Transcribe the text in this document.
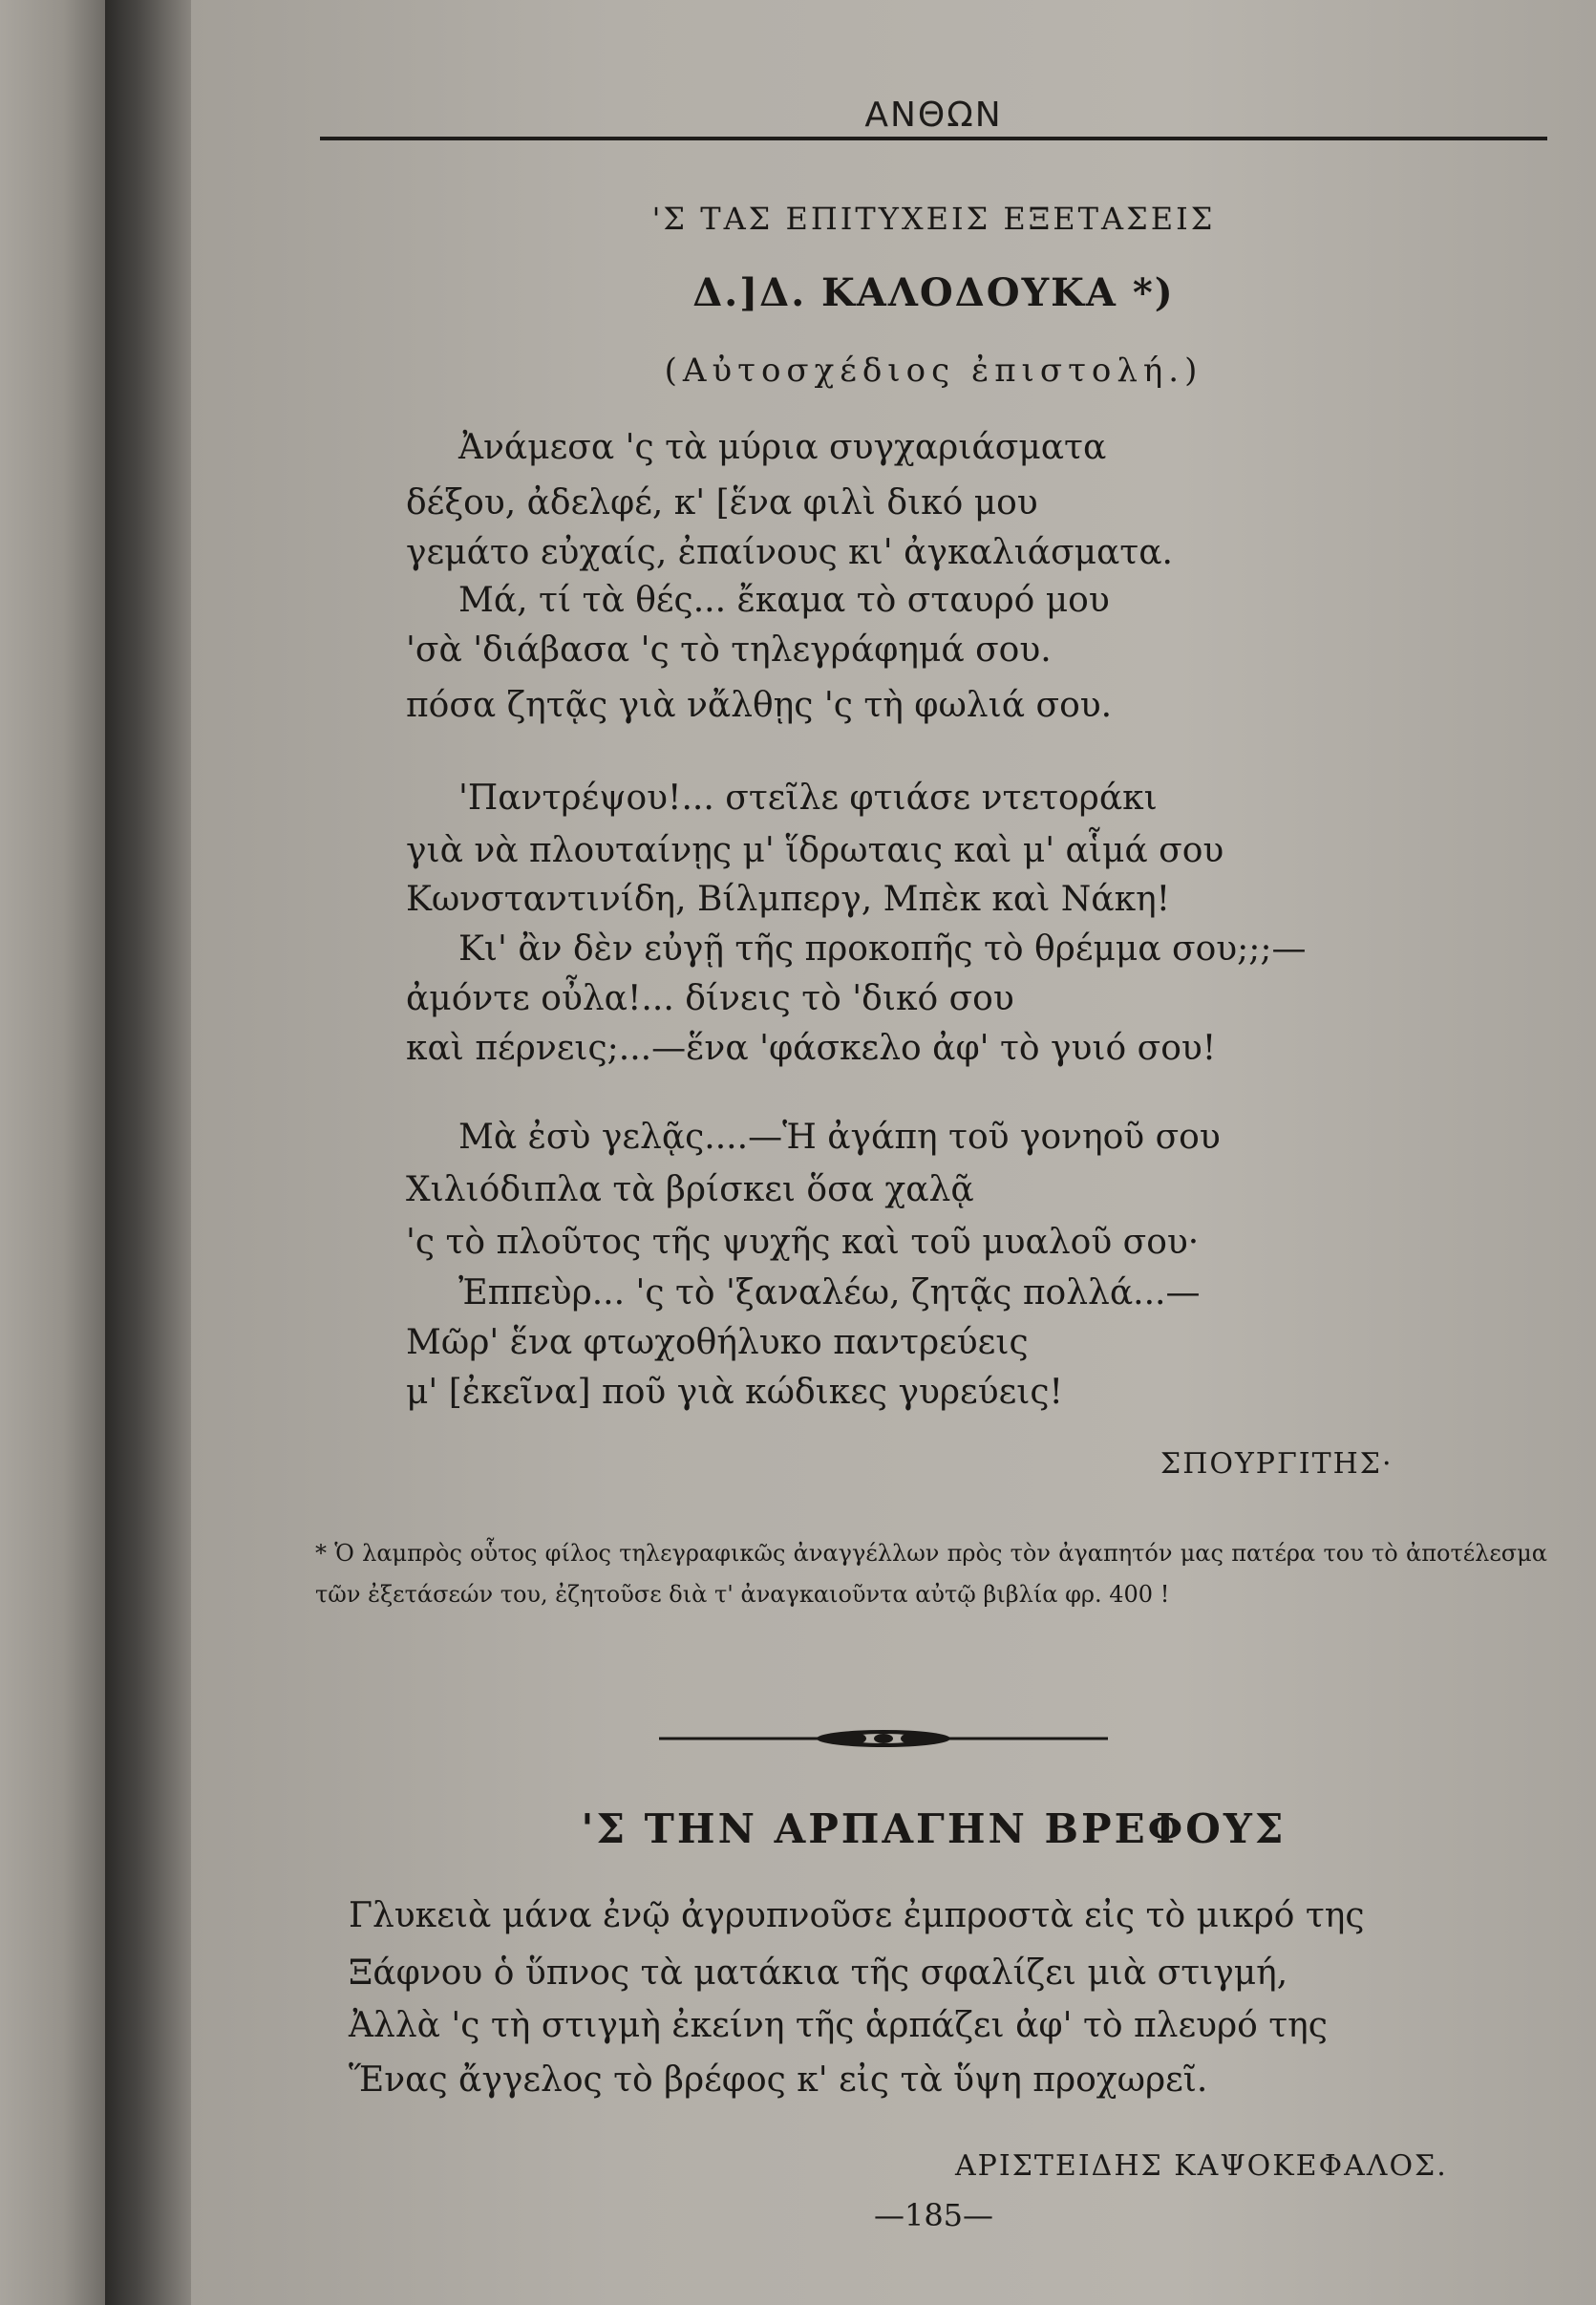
ΑΝΘΩΝ
'Σ ΤΑΣ ΕΠΙΤΥΧΕΙΣ ΕΞΕΤΑΣΕΙΣ
Δ.]Δ. ΚΑΛΟΔΟΥΚΑ *)
(Αὐτοσχέδιος ἐπιστολή.)
Ἀνάμεσα 'ς τὰ μύρια συγχαριάσματα
δέξου, ἀδελφέ, κ' [ἕνα φιλὶ δικό μου
γεμάτο εὐχαίς, ἐπαίνους κι' ἀγκαλιάσματα.
Μά, τί τὰ θές... ἔκαμα τὸ σταυρό μου
'σὰ 'διάβασα 'ς τὸ τηλεγράφημά σου.
πόσα ζητᾷς γιὰ νἄλθῃς 'ς τὴ φωλιά σου.
'Παντρέψου!... στεῖλε φτιάσε ντετοράκι
γιὰ νὰ πλουταίνῃς μ' ἵδρωταις καὶ μ' αἷμά σου
Κωνσταντινίδη, Βίλμπεργ, Μπὲκ καὶ Νάκη!
Κι' ἂν δὲν εὐγῇ τῆς προκοπῆς τὸ θρέμμα σου;;;—
ἀμόντε οὖλα!... δίνεις τὸ 'δικό σου
καὶ πέρνεις;...—ἕνα 'φάσκελο ἀφ' τὸ γυιό σου!
Μὰ ἐσὺ γελᾷς....—Ἡ ἀγάπη τοῦ γονηοῦ σου
Χιλιόδιπλα τὰ βρίσκει ὅσα χαλᾷ
'ς τὸ πλοῦτος τῆς ψυχῆς καὶ τοῦ μυαλοῦ σου·
Ἐππεὺρ... 'ς τὸ 'ξαναλέω, ζητᾷς πολλά...—
Μῶρ' ἕνα φτωχοθήλυκο παντρεύεις
μ' [ἐκεῖνα] ποῦ γιὰ κώδικες γυρεύεις!
ΣΠΟΥΡΓΙΤΗΣ·
* Ὁ λαμπρὸς οὗτος φίλος τηλεγραφικῶς ἀναγγέλλων πρὸς τὸν ἀγαπητόν μας πατέρα του τὸ ἀποτέλεσμα τῶν ἐξετάσεών του, ἐζητοῦσε διὰ τ' ἀναγκαιοῦντα αὐτῷ βιβλία φρ. 400 !
'Σ ΤΗΝ ΑΡΠΑΓΗΝ ΒΡΕΦΟΥΣ
Γλυκειὰ μάνα ἐνῷ ἀγρυπνοῦσε ἐμπροστὰ εἰς τὸ μικρό της
Ξάφνου ὁ ὕπνος τὰ ματάκια τῆς σφαλίζει μιὰ στιγμή,
Ἀλλὰ 'ς τὴ στιγμὴ ἐκείνη τῆς ἁρπάζει ἀφ' τὸ πλευρό της
Ἕνας ἄγγελος τὸ βρέφος κ' εἰς τὰ ὕψη προχωρεῖ.
ΑΡΙΣΤΕΙΔΗΣ ΚΑΨΟΚΕΦΑΛΟΣ.
—185—
